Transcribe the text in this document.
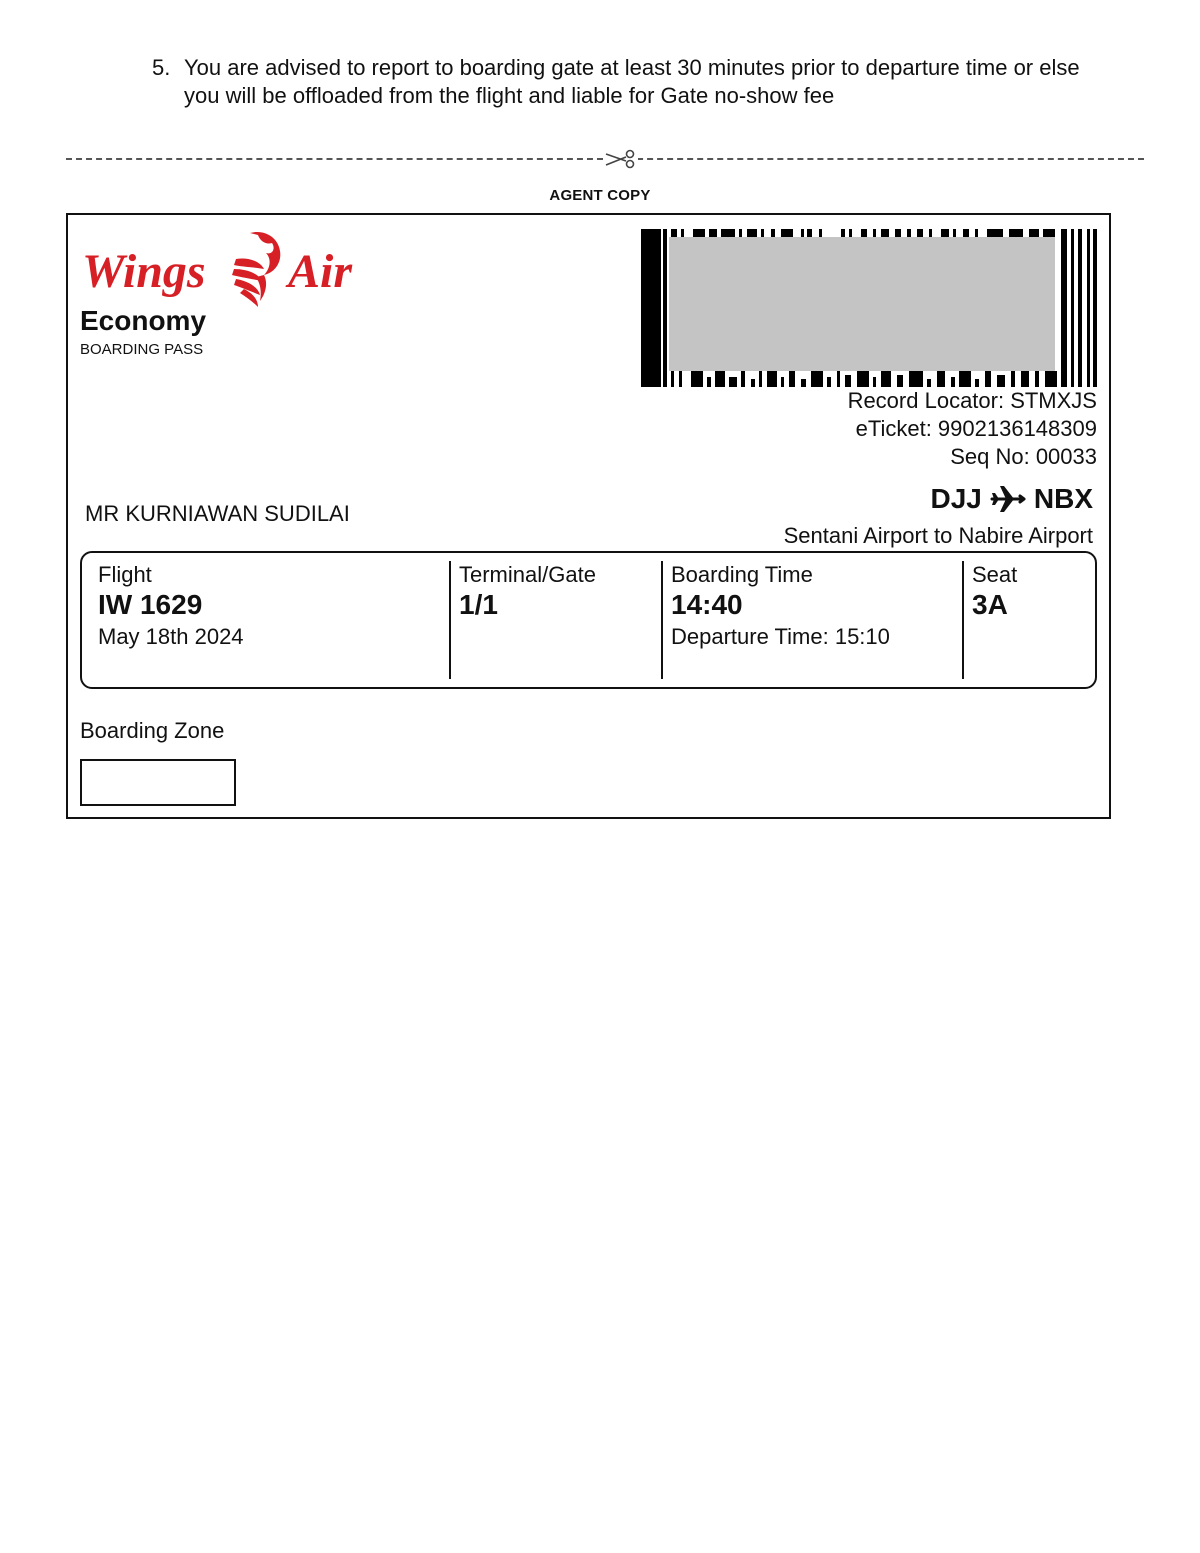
5. You are advised to report to boarding gate at least 30 minutes prior to departure time or else you will be offloaded from the flight and liable for Gate no-show fee
AGENT COPY
Wings Air
Economy
BOARDING PASS
Record Locator: STMXJS
eTicket: 9902136148309
Seq No: 00033
MR KURNIAWAN SUDILAI	DJJ NBX
Sentani Airport to Nabire Airport
Flight
IW 1629
May 18th 2024
Terminal/Gate
1/1
Boarding Time
14:40
Departure Time: 15:10
Seat
3A
Boarding Zone
